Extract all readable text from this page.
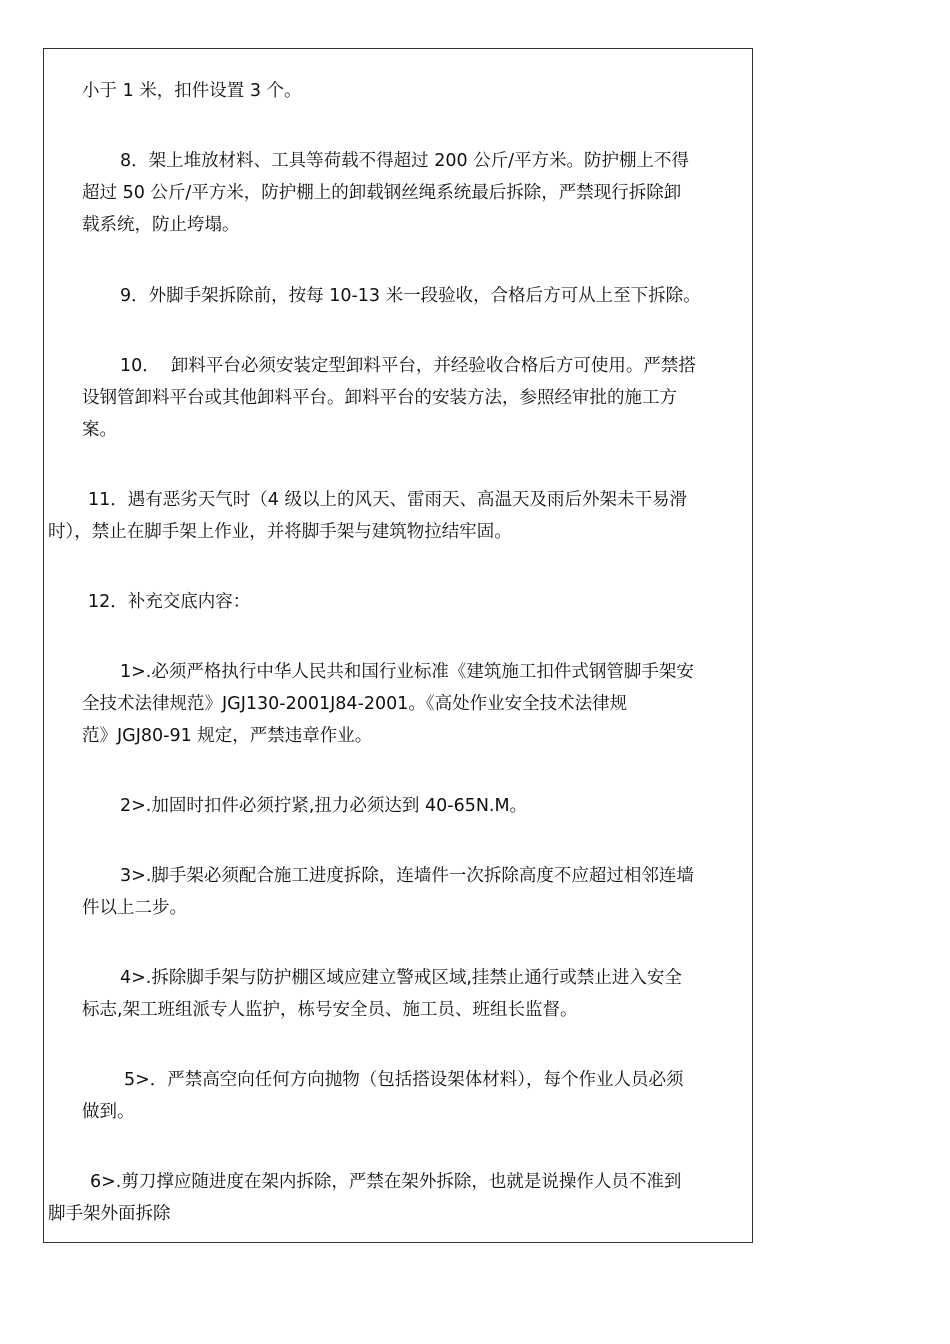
小于 1 米，扣件设置 3 个。
8．架上堆放材料、工具等荷载不得超过 200 公斤/平方米。防护棚上不得
超过 50 公斤/平方米，防护棚上的卸载钢丝绳系统最后拆除，严禁现行拆除卸
载系统，防止垮塌。
9．外脚手架拆除前，按每 10-13 米一段验收，合格后方可从上至下拆除。
10．  卸料平台必须安装定型卸料平台，并经验收合格后方可使用。严禁搭
设钢管卸料平台或其他卸料平台。卸料平台的安装方法，参照经审批的施工方
案。
11．遇有恶劣天气时（4 级以上的风天、雷雨天、高温天及雨后外架未干易滑
时），禁止在脚手架上作业，并将脚手架与建筑物拉结牢固。
12．补充交底内容：
1>.必须严格执行中华人民共和国行业标准《建筑施工扣件式钢管脚手架安
全技术法律规范》JGJ130-2001J84-2001。《高处作业安全技术法律规
范》JGJ80-91 规定，严禁违章作业。
2>.加固时扣件必须拧紧,扭力必须达到 40-65N.M。
3>.脚手架必须配合施工进度拆除，连墙件一次拆除高度不应超过相邻连墙
件以上二步。
4>.拆除脚手架与防护棚区域应建立警戒区域,挂禁止通行或禁止进入安全
标志,架工班组派专人监护，栋号安全员、施工员、班组长监督。
5>．严禁高空向任何方向抛物（包括搭设架体材料），每个作业人员必须
做到。
6>.剪刀撑应随进度在架内拆除，严禁在架外拆除，也就是说操作人员不准到
脚手架外面拆除
